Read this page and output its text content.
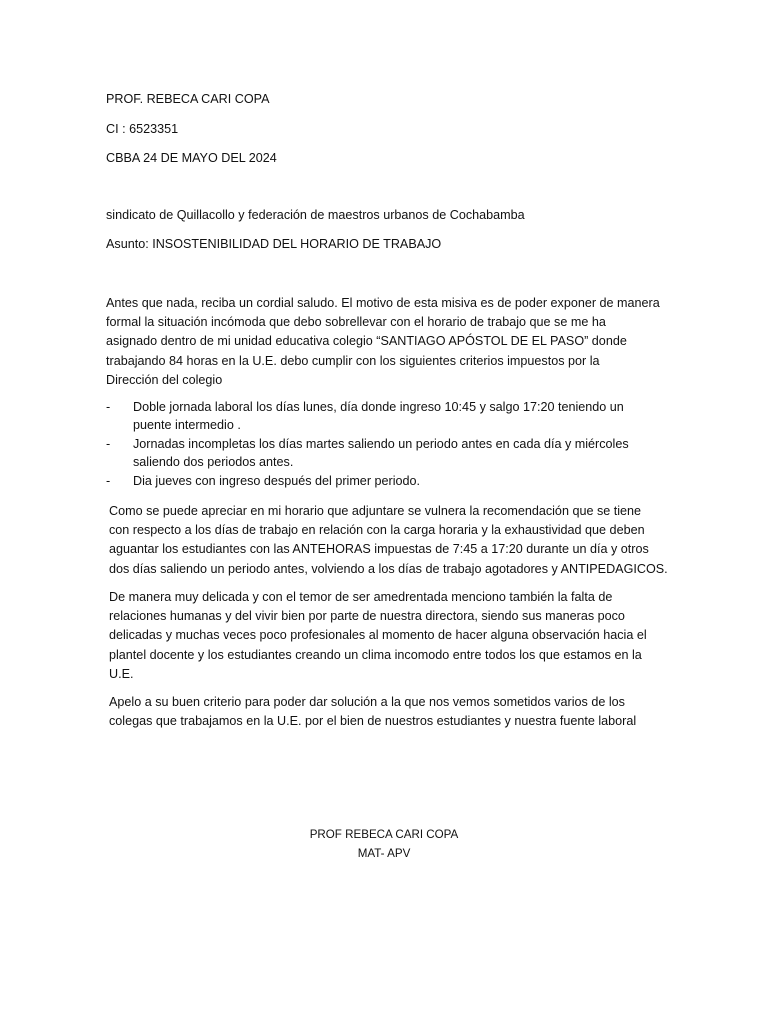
PROF. REBECA CARI COPA
CI : 6523351
CBBA 24 DE MAYO DEL 2024
sindicato de Quillacollo y federación de maestros urbanos de Cochabamba
Asunto: INSOSTENIBILIDAD DEL HORARIO DE TRABAJO
Antes que nada, reciba un cordial saludo. El motivo de esta misiva es de poder exponer de manera
formal la situación incómoda que debo sobrellevar con el horario de trabajo que se me ha
asignado dentro de mi unidad educativa colegio “SANTIAGO APÓSTOL DE EL PASO” donde
trabajando 84 horas en la U.E. debo cumplir con los siguientes criterios impuestos por la
Dirección del colegio
- Doble jornada laboral los días lunes, día donde ingreso 10:45 y salgo 17:20 teniendo un
puente intermedio .
- Jornadas incompletas los días martes saliendo un periodo antes en cada día y miércoles
saliendo dos periodos antes.
- Dia jueves con ingreso después del primer periodo.
Como se puede apreciar en mi horario que adjuntare se vulnera la recomendación que se tiene
con respecto a los días de trabajo en relación con la carga horaria y la exhaustividad que deben
aguantar los estudiantes con las ANTEHORAS impuestas de 7:45 a 17:20 durante un día y otros
dos días saliendo un periodo antes, volviendo a los días de trabajo agotadores y ANTIPEDAGICOS.
De manera muy delicada y con el temor de ser amedrentada menciono también la falta de
relaciones humanas y del vivir bien por parte de nuestra directora, siendo sus maneras poco
delicadas y muchas veces poco profesionales al momento de hacer alguna observación hacia el
plantel docente y los estudiantes creando un clima incomodo entre todos los que estamos en la
U.E.
Apelo a su buen criterio para poder dar solución a la que nos vemos sometidos varios de los
colegas que trabajamos en la U.E. por el bien de nuestros estudiantes y nuestra fuente laboral
PROF REBECA CARI COPA
MAT- APV
